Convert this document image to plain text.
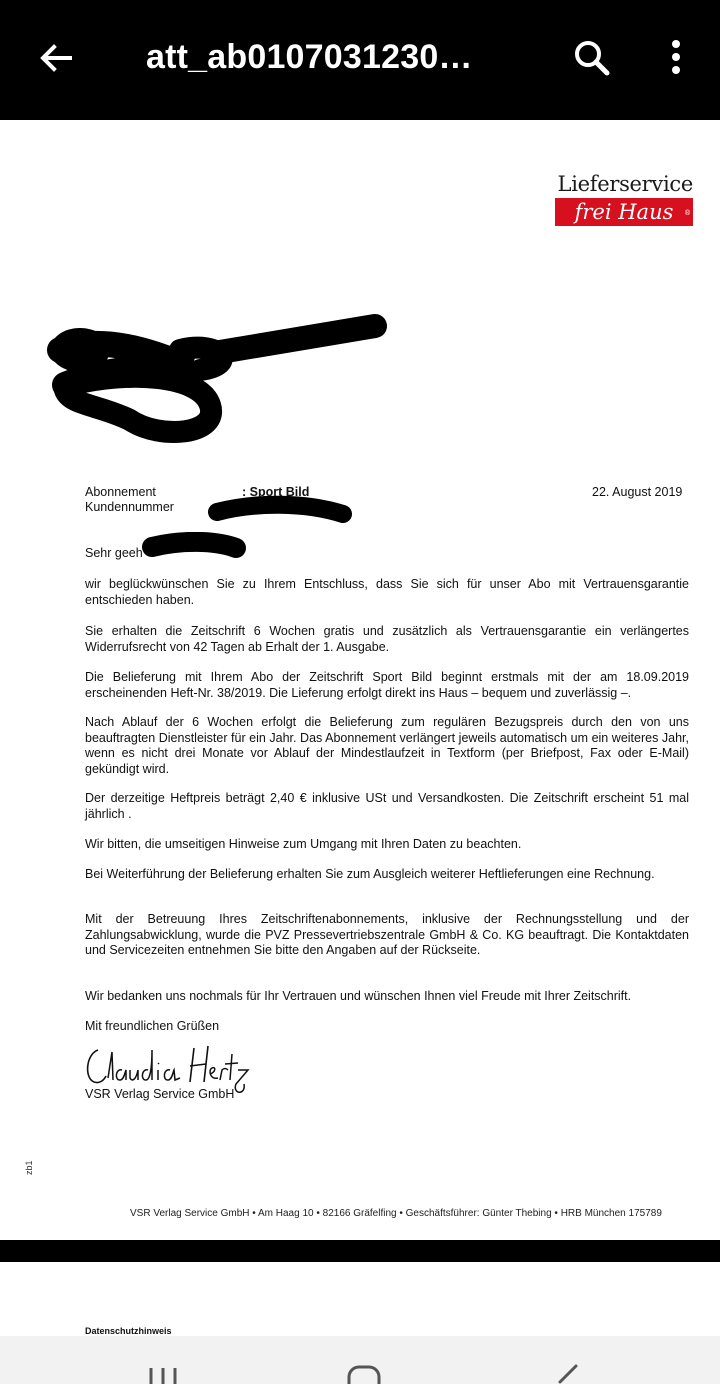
att_ab0107031230…
Lieferservice
frei Haus ®
Abonnement
Kundennummer
: Sport Bild	22. August 2019
Sehr geeh

wir beglückwünschen Sie zu Ihrem Entschluss, dass Sie sich für unser Abo mit Vertrauensgarantie entschieden haben.

Sie erhalten die Zeitschrift 6 Wochen gratis und zusätzlich als Vertrauensgarantie ein verlängertes Widerrufsrecht von 42 Tagen ab Erhalt der 1. Ausgabe.

Die Belieferung mit Ihrem Abo der Zeitschrift Sport Bild beginnt erstmals mit der am 18.09.2019 erscheinenden Heft-Nr. 38/2019. Die Lieferung erfolgt direkt ins Haus – bequem und zuverlässig –.

Nach Ablauf der 6 Wochen erfolgt die Belieferung zum regulären Bezugspreis durch den von uns beauftragten Dienstleister für ein Jahr. Das Abonnement verlängert jeweils automatisch um ein weiteres Jahr, wenn es nicht drei Monate vor Ablauf der Mindestlaufzeit in Textform (per Briefpost, Fax oder E-Mail) gekündigt wird.

Der derzeitige Heftpreis beträgt 2,40 € inklusive USt und Versandkosten. Die Zeitschrift erscheint 51 mal jährlich .

Wir bitten, die umseitigen Hinweise zum Umgang mit Ihren Daten zu beachten.

Bei Weiterführung der Belieferung erhalten Sie zum Ausgleich weiterer Heftlieferungen eine Rechnung.

Mit der Betreuung Ihres Zeitschriftenabonnements, inklusive der Rechnungsstellung und der Zahlungsabwicklung, wurde die PVZ Pressevertriebszentrale GmbH & Co. KG beauftragt. Die Kontaktdaten und Servicezeiten entnehmen Sie bitte den Angaben auf der Rückseite.

Wir bedanken uns nochmals für Ihr Vertrauen und wünschen Ihnen viel Freude mit Ihrer Zeitschrift.

Mit freundlichen Grüßen
VSR Verlag Service GmbH
zb1
VSR Verlag Service GmbH • Am Haag 10 • 82166 Gräfelfing • Geschäftsführer: Günter Thebing • HRB München 175789
Datenschutzhinweis
